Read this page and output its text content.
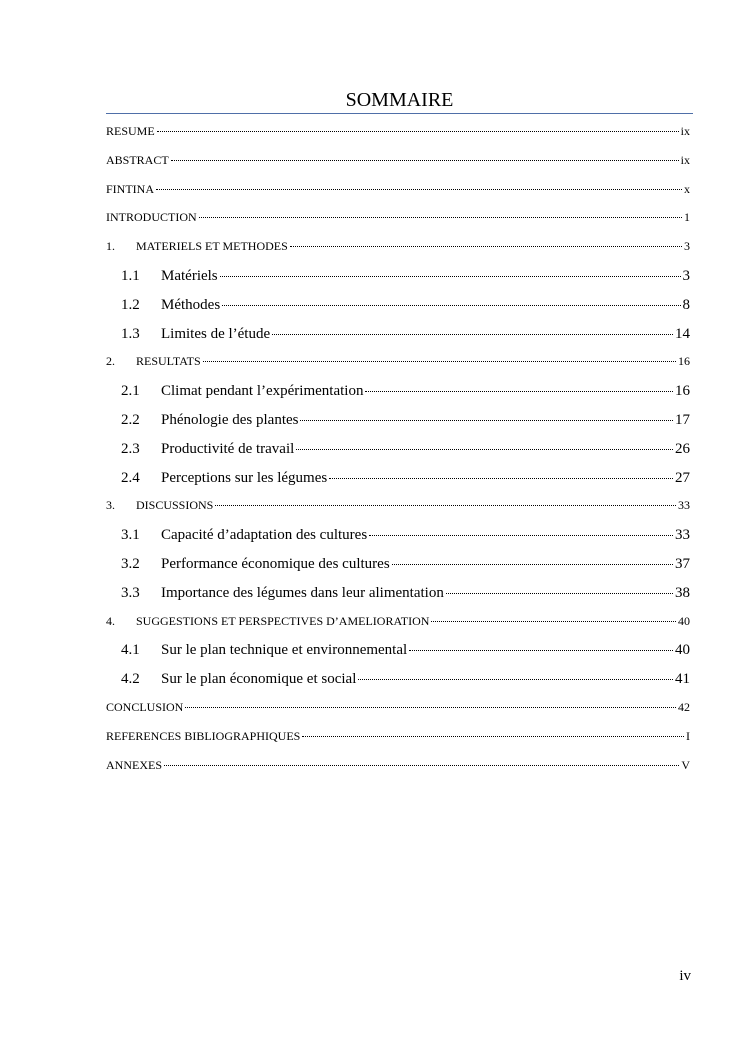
SOMMAIRE
RESUME	ix
ABSTRACT	ix
FINTINA	x
INTRODUCTION	1
1.	MATERIELS ET METHODES	3
1.1	Matériels	3
1.2	Méthodes	8
1.3	Limites de l’étude	14
2.	RESULTATS	16
2.1	Climat pendant l’expérimentation	16
2.2	Phénologie des plantes	17
2.3	Productivité de travail	26
2.4	Perceptions sur les légumes	27
3.	DISCUSSIONS	33
3.1	Capacité d’adaptation des cultures	33
3.2	Performance économique des cultures	37
3.3	Importance des légumes dans leur alimentation	38
4.	SUGGESTIONS ET PERSPECTIVES D’AMELIORATION	40
4.1	Sur le plan technique et environnemental	40
4.2	Sur le plan économique et social	41
CONCLUSION	42
REFERENCES BIBLIOGRAPHIQUES	I
ANNEXES	V
iv
